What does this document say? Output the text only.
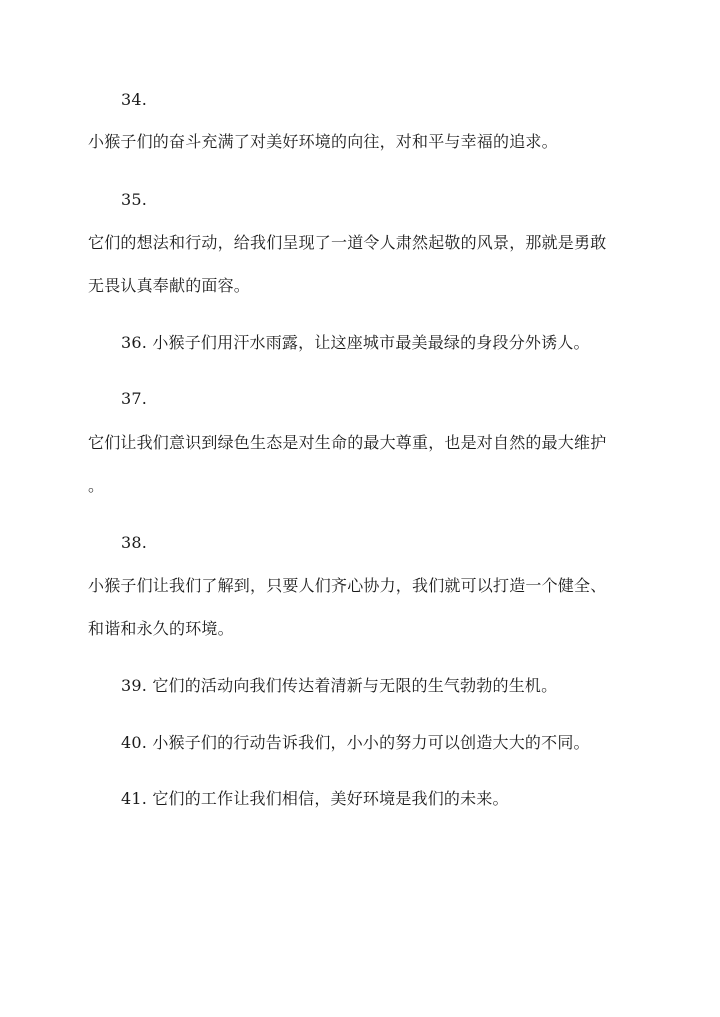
34.
小猴子们的奋斗充满了对美好环境的向往，对和平与幸福的追求。
35.
它们的想法和行动，给我们呈现了一道令人肃然起敬的风景，那就是勇敢
无畏认真奉献的面容。
36. 小猴子们用汗水雨露，让这座城市最美最绿的身段分外诱人。
37.
它们让我们意识到绿色生态是对生命的最大尊重，也是对自然的最大维护
。
38.
小猴子们让我们了解到，只要人们齐心协力，我们就可以打造一个健全、
和谐和永久的环境。
39. 它们的活动向我们传达着清新与无限的生气勃勃的生机。
40. 小猴子们的行动告诉我们，小小的努力可以创造大大的不同。
41. 它们的工作让我们相信，美好环境是我们的未来。
